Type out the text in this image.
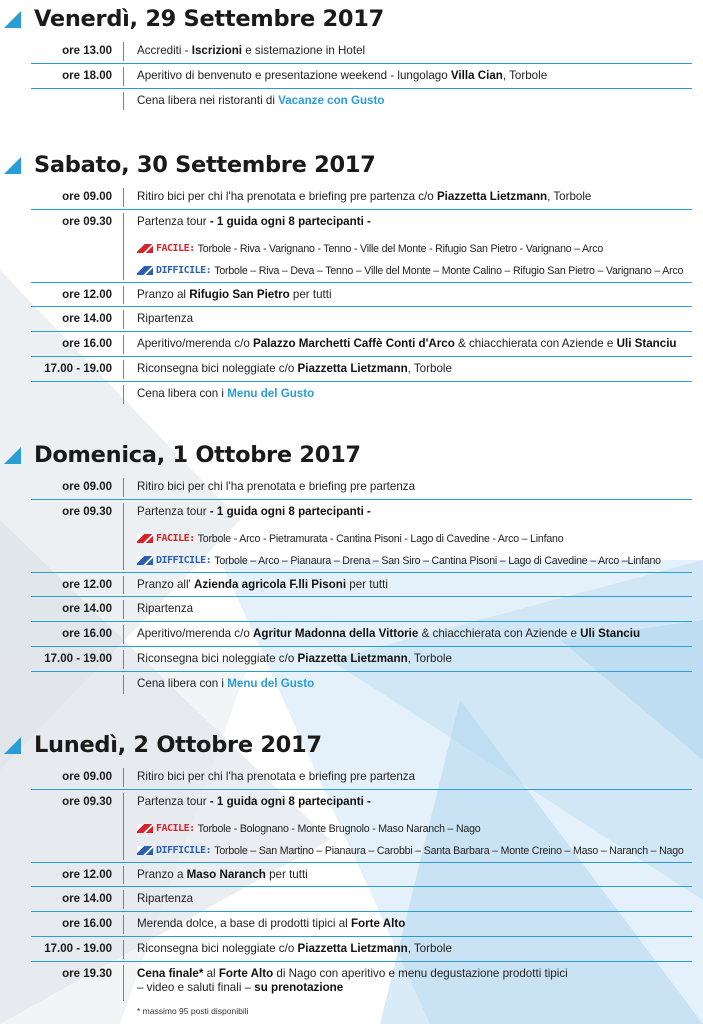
Venerdì, 29 Settembre 2017
ore 13.00 Accrediti - Iscrizioni e sistemazione in Hotel
ore 18.00 Aperitivo di benvenuto e presentazione weekend - lungolago Villa Cian, Torbole
Cena libera nei ristoranti di Vacanze con Gusto
Sabato, 30 Settembre 2017
ore 09.00 Ritiro bici per chi l'ha prenotata e briefing pre partenza c/o Piazzetta Lietzmann, Torbole
ore 09.30 Partenza tour - 1 guida ogni 8 partecipanti -
FACILE: Torbole - Riva - Varignano - Tenno - Ville del Monte - Rifugio San Pietro - Varignano – Arco
DIFFICILE: Torbole – Riva – Deva – Tenno – Ville del Monte – Monte Calino – Rifugio San Pietro – Varignano – Arco
ore 12.00 Pranzo al Rifugio San Pietro per tutti
ore 14.00 Ripartenza
ore 16.00 Aperitivo/merenda c/o Palazzo Marchetti Caffè Conti d'Arco & chiacchierata con Aziende e Uli Stanciu
17.00 - 19.00 Riconsegna bici noleggiate c/o Piazzetta Lietzmann, Torbole
Cena libera con i Menu del Gusto
Domenica, 1 Ottobre 2017
ore 09.00 Ritiro bici per chi l'ha prenotata e briefing pre partenza
ore 09.30 Partenza tour - 1 guida ogni 8 partecipanti -
FACILE: Torbole - Arco - Pietramurata - Cantina Pisoni - Lago di Cavedine - Arco – Linfano
DIFFICILE: Torbole – Arco – Pianaura – Drena – San Siro – Cantina Pisoni – Lago di Cavedine – Arco –Linfano
ore 12.00 Pranzo all' Azienda agricola F.lli Pisoni per tutti
ore 14.00 Ripartenza
ore 16.00 Aperitivo/merenda c/o Agritur Madonna della Vittorie & chiacchierata con Aziende e Uli Stanciu
17.00 - 19.00 Riconsegna bici noleggiate c/o Piazzetta Lietzmann, Torbole
Cena libera con i Menu del Gusto
Lunedì, 2 Ottobre 2017
ore 09.00 Ritiro bici per chi l'ha prenotata e briefing pre partenza
ore 09.30 Partenza tour - 1 guida ogni 8 partecipanti -
FACILE: Torbole - Bolognano - Monte Brugnolo - Maso Naranch – Nago
DIFFICILE: Torbole – San Martino – Pianaura – Carobbi – Santa Barbara – Monte Creino – Maso – Naranch – Nago
ore 12.00 Pranzo a Maso Naranch per tutti
ore 14.00 Ripartenza
ore 16.00 Merenda dolce, a base di prodotti tipici al Forte Alto
17.00 - 19.00 Riconsegna bici noleggiate c/o Piazzetta Lietzmann, Torbole
ore 19.30 Cena finale* al Forte Alto di Nago con aperitivo e menu degustazione prodotti tipici
– video e saluti finali – su prenotazione
* massimo 95 posti disponibili
